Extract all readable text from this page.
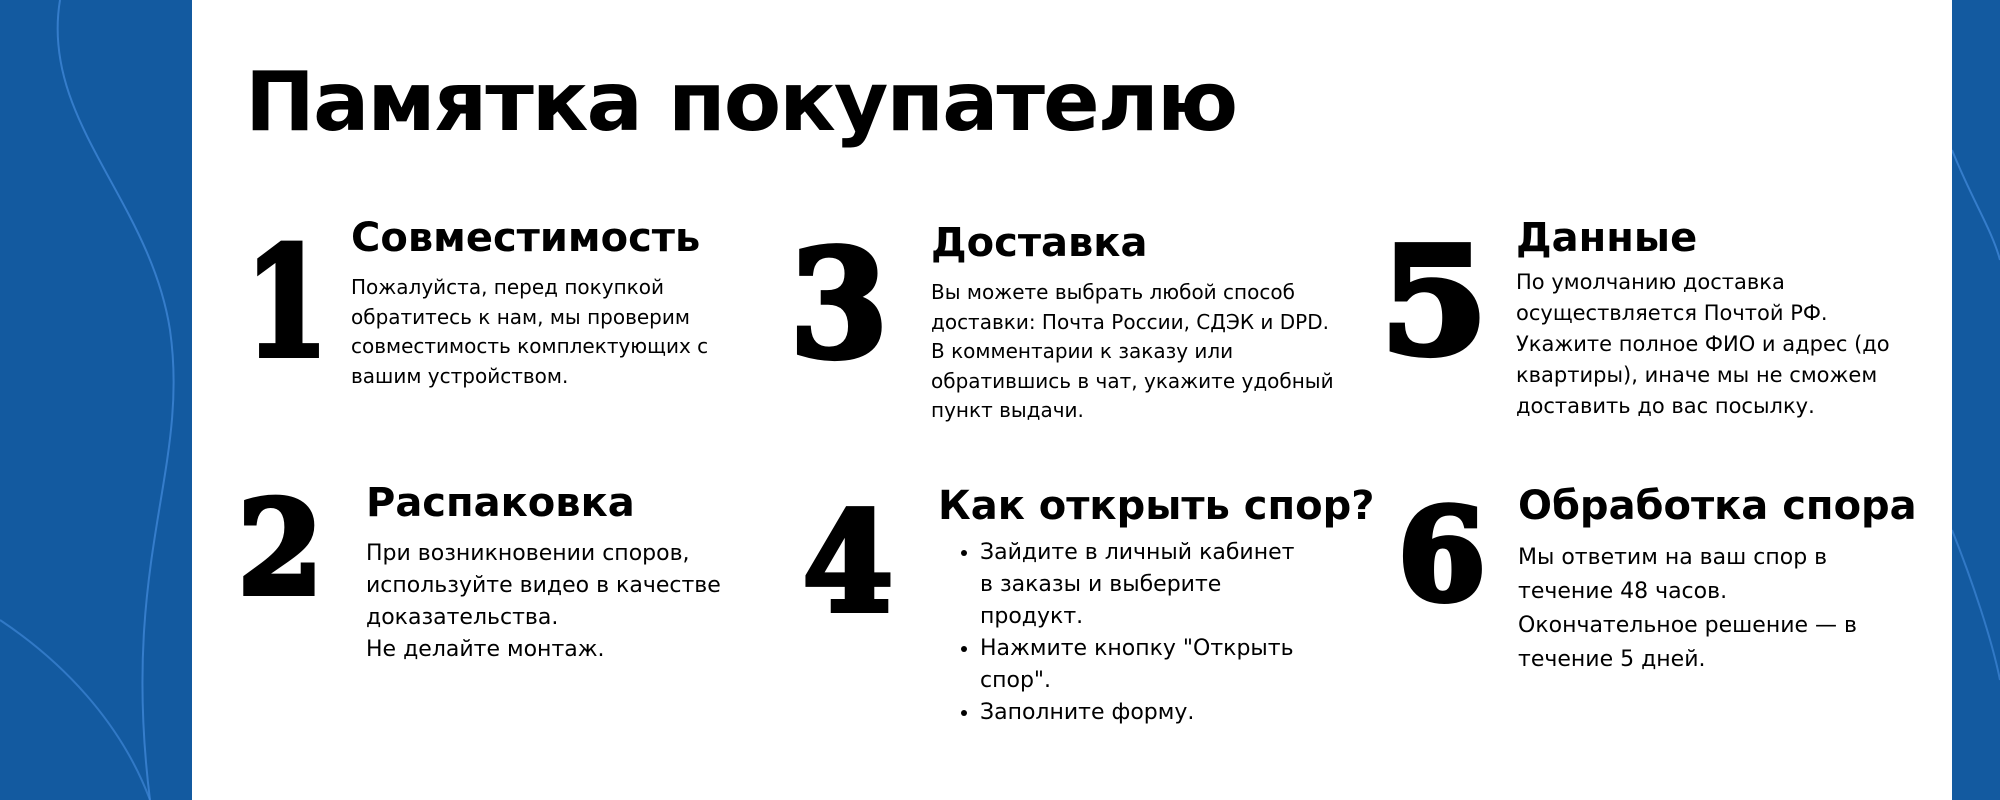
Памятка покупателю
1
2
3
4
5
6
Совместимость

Пожалуйста, перед покупкой
обратитесь к нам, мы проверим
совместимость комплектующих с
вашим устройством.

Распаковка

При возникновении споров,
используйте видео в качестве
доказательства.
Не делайте монтаж.

Доставка

Вы можете выбрать любой способ
доставки: Почта России, СДЭК и DPD.
В комментарии к заказу или
обратившись в чат, укажите удобный
пункт выдачи.

Как открыть спор?
• Зайдите в личный кабинет в заказы и выберите продукт.
• Нажмите кнопку "Открыть спор".
• Заполните форму.
Данные

По умолчанию доставка
осуществляется Почтой РФ.
Укажите полное ФИО и адрес (до
квартиры), иначе мы не сможем
доставить до вас посылку.

Обработка спора

Мы ответим на ваш спор в
течение 48 часов.
Окончательное решение — в
течение 5 дней.
